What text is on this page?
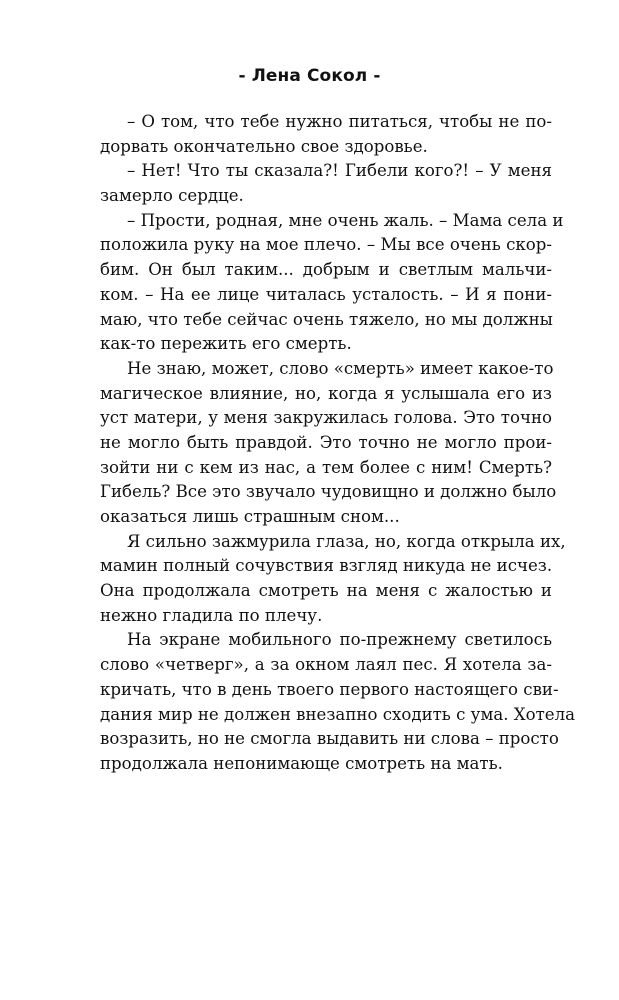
- Лена Сокол -
– О том, что тебе нужно питаться, чтобы не по-
дорвать окончательно свое здоровье.
– Нет! Что ты сказала?! Гибели кого?! – У меня
замерло сердце.
– Прости, родная, мне очень жаль. – Мама села и
положила руку на мое плечо. – Мы все очень скор-
бим. Он был таким... добрым и светлым мальчи-
ком. – На ее лице читалась усталость. – И я пони-
маю, что тебе сейчас очень тяжело, но мы должны
как-то пережить его смерть.
Не знаю, может, слово «смерть» имеет какое-то
магическое влияние, но, когда я услышала его из
уст матери, у меня закружилась голова. Это точно
не могло быть правдой. Это точно не могло прои-
зойти ни с кем из нас, а тем более с ним! Смерть?
Гибель? Все это звучало чудовищно и должно было
оказаться лишь страшным сном...
Я сильно зажмурила глаза, но, когда открыла их,
мамин полный сочувствия взгляд никуда не исчез.
Она продолжала смотреть на меня с жалостью и
нежно гладила по плечу.
На экране мобильного по-прежнему светилось
слово «четверг», а за окном лаял пес. Я хотела за-
кричать, что в день твоего первого настоящего сви-
дания мир не должен внезапно сходить с ума. Хотела
возразить, но не смогла выдавить ни слова – просто
продолжала непонимающе смотреть на мать.
